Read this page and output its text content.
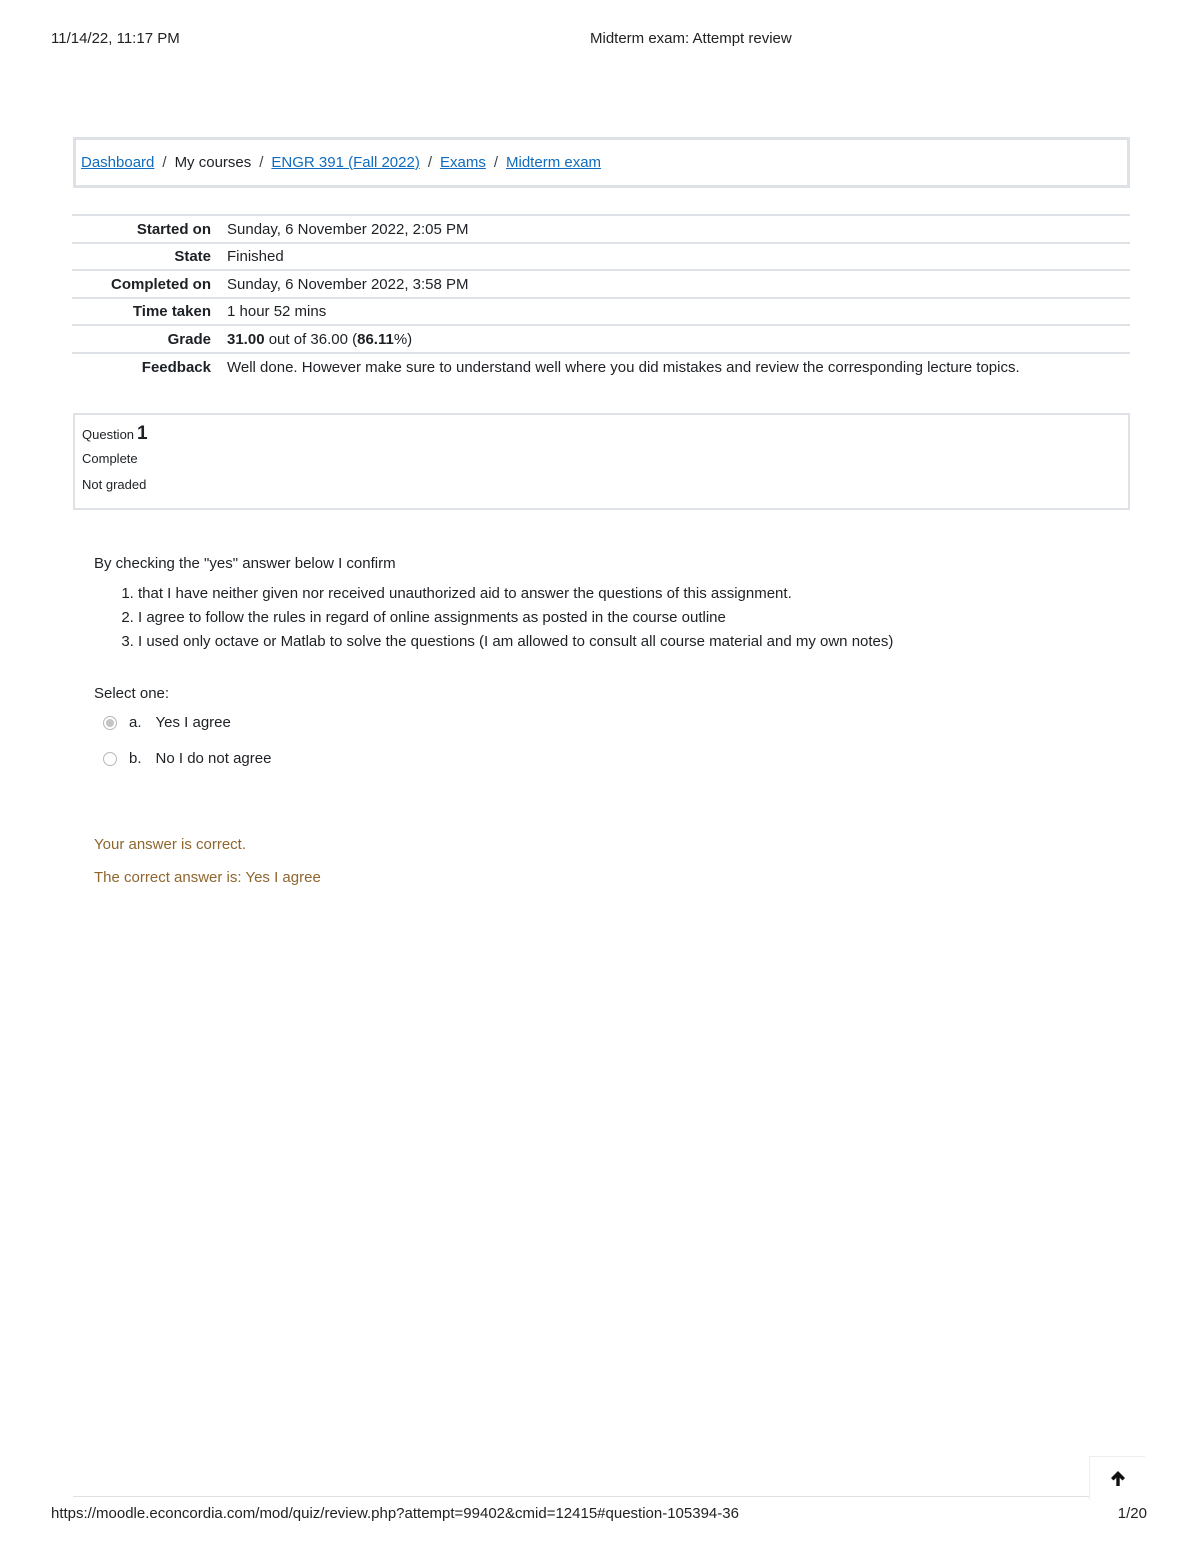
11/14/22, 11:17 PM	Midterm exam: Attempt review
Dashboard / My courses / ENGR 391 (Fall 2022) / Exams / Midterm exam
Started on	Sunday, 6 November 2022, 2:05 PM
State	Finished
Completed on	Sunday, 6 November 2022, 3:58 PM
Time taken	1 hour 52 mins
Grade	31.00 out of 36.00 (86.11%)
Feedback	Well done. However make sure to understand well where you did mistakes and review the corresponding lecture topics.
Question 1
Complete
Not graded

By checking the "yes" answer below I confirm

1. that I have neither given nor received unauthorized aid to answer the questions of this assignment.
2. I agree to follow the rules in regard of online assignments as posted in the course outline
3. I used only octave or Matlab to solve the questions (I am allowed to consult all course material and my own notes)
Select one:
a. Yes I agree
b. No I do not agree
Your answer is correct.
The correct answer is: Yes I agree
https://moodle.econcordia.com/mod/quiz/review.php?attempt=99402&cmid=12415#question-105394-36	1/20
